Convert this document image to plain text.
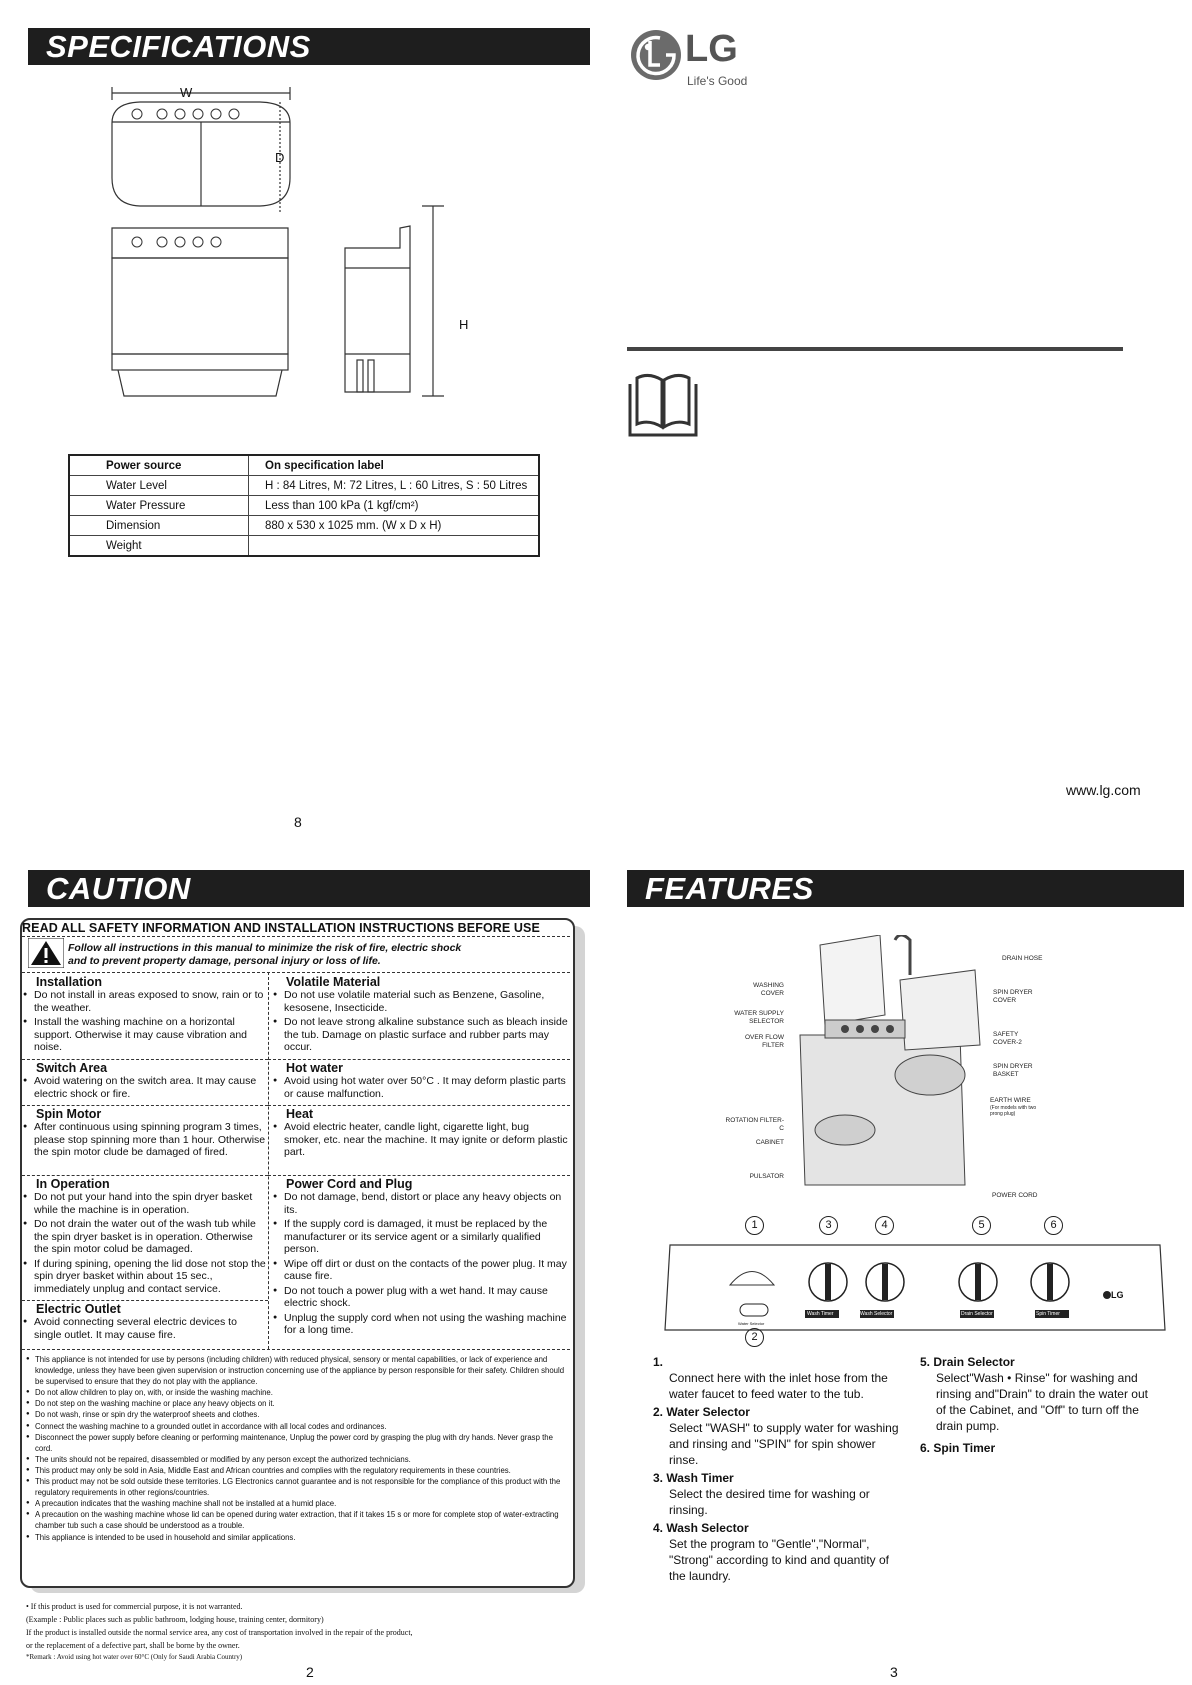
SPECIFICATIONS
W
D
H
Power source	On specification label
Water Level	H : 84 Litres, M: 72 Litres, L : 60 Litres, S : 50 Litres
Water Pressure	Less than 100 kPa (1 kgf/cm²)
Dimension	880 x 530 x 1025 mm. (W x D x H)
Weight	
8
LG
Life's Good
www.lg.com
CAUTION
READ ALL SAFETY INFORMATION AND INSTALLATION INSTRUCTIONS BEFORE USE
Follow all instructions in this manual to minimize the risk of fire, electric shock
and to prevent property damage, personal injury or loss of life.
Installation
● Do not install in areas exposed to snow, rain or to the weather.
● Install the washing machine on a horizontal support. Otherwise it may cause vibration and noise.
Switch Area
● Avoid watering on the switch area. It may cause electric shock or fire.
Spin Motor
● After continuous using spinning program 3 times, please stop spinning more than 1 hour. Otherwise the spin motor clude be damaged of fired.
In Operation
● Do not put your hand into the spin dryer basket while the machine is in operation.
● Do not drain the water out of the wash tub while the spin dryer basket is in operation. Otherwise the spin motor colud be damaged.
● If during spining, opening the lid dose not stop the spin dryer basket within about 15 sec., immediately unplug and contact service.
Electric Outlet
● Avoid connecting several electric devices to single outlet. It may cause fire.
Volatile Material
● Do not use volatile material such as Benzene, Gasoline, kesosene, Insecticide.
● Do not leave strong alkaline substance such as bleach inside the tub. Damage on plastic surface and rubber parts may occur.
Hot water
● Avoid using hot water over 50°C . It may deform plastic parts or cause malfunction.
Heat
● Avoid electric heater, candle light, cigarette light, bug smoker, etc. near the machine. It may ignite or deform plastic part.
Power Cord and Plug
● Do not damage, bend, distort or place any heavy objects on its.
● If the supply cord is damaged, it must be replaced by the manufacturer or its service agent or a similarly qualified person.
● Wipe off dirt or dust on the contacts of the power plug. It may cause fire.
● Do not touch a power plug with a wet hand. It may cause electric shock.
● Unplug the supply cord when not using the washing machine for a long time.
● This appliance is not intended for use by persons (including children) with reduced physical, sensory or mental capabilities, or lack of experience and knowledge, unless they have been given supervision or instruction concerning use of the appliance by person responsible for their safety. Children should be supervised to ensure that they do not play with the appliance.
● Do not allow children to play on, with, or inside the washing machine.
● Do not step on the washing machine or place any heavy objects on it.
● Do not wash, rinse or spin dry the waterproof sheets and clothes.
● Connect the washing machine to a grounded outlet in accordance with all local codes and ordinances.
● Disconnect the power supply before cleaning or performing maintenance, Unplug the power cord by grasping the plug with dry hands. Never grasp the cord.
● The units should not be repaired, disassembled or modified by any person except the authorized technicians.
● This product may only be sold in Asia, Middle East and African countries and complies with the regulatory requirements in these countries.
● This product may not be sold outside these territories. LG Electronics cannot guarantee and is not responsible for the compliance of this product with the regulatory requirements in other regions/countries.
● A precaution indicates that the washing machine shall not be installed at a humid place.
● A precaution on the washing machine whose lid can be opened during water extraction, that if it takes 15 s or more for complete stop of water-extracting chamber tub such a case should be understood as a trouble.
● This appliance is intended to be used in household and similar applications.
• If this product is used for commercial purpose, it is not warranted.
(Example : Public places such as public bathroom, lodging house, training center, dormitory)
If the product is installed outside the normal service area, any cost of transportation involved in the repair of the product,
or the replacement of a defective part, shall be borne by the owner.
*Remark : Avoid using hot water over 60°C (Only for Saudi Arabia Country)
2
FEATURES
WASHING COVER
WATER SUPPLY SELECTOR
OVER FLOW FILTER
ROTATION FILTER-C
CABINET
PULSATOR
DRAIN HOSE
SPIN DRYER COVER
SAFETY COVER-2
SPIN DRYER BASKET
EARTH WIRE
(For models with two prong plug)
POWER CORD
1	3	4	5	6
Water Selector
Wash Timer	Wash Selector	Drain Selector	Spin Timer
LG
2
1.
Connect here with the inlet hose from the water faucet to feed water to the tub.
2. Water Selector
Select "WASH" to supply water for washing and rinsing and "SPIN" for spin shower rinse.
3. Wash Timer
Select the desired time for washing or rinsing.
4. Wash Selector
Set the program to "Gentle","Normal", "Strong" according to kind and quantity of the laundry.
5. Drain Selector
Select"Wash • Rinse" for washing and rinsing and"Drain" to drain the water out of the Cabinet, and "Off" to turn off the drain pump.
6. Spin Timer
3
